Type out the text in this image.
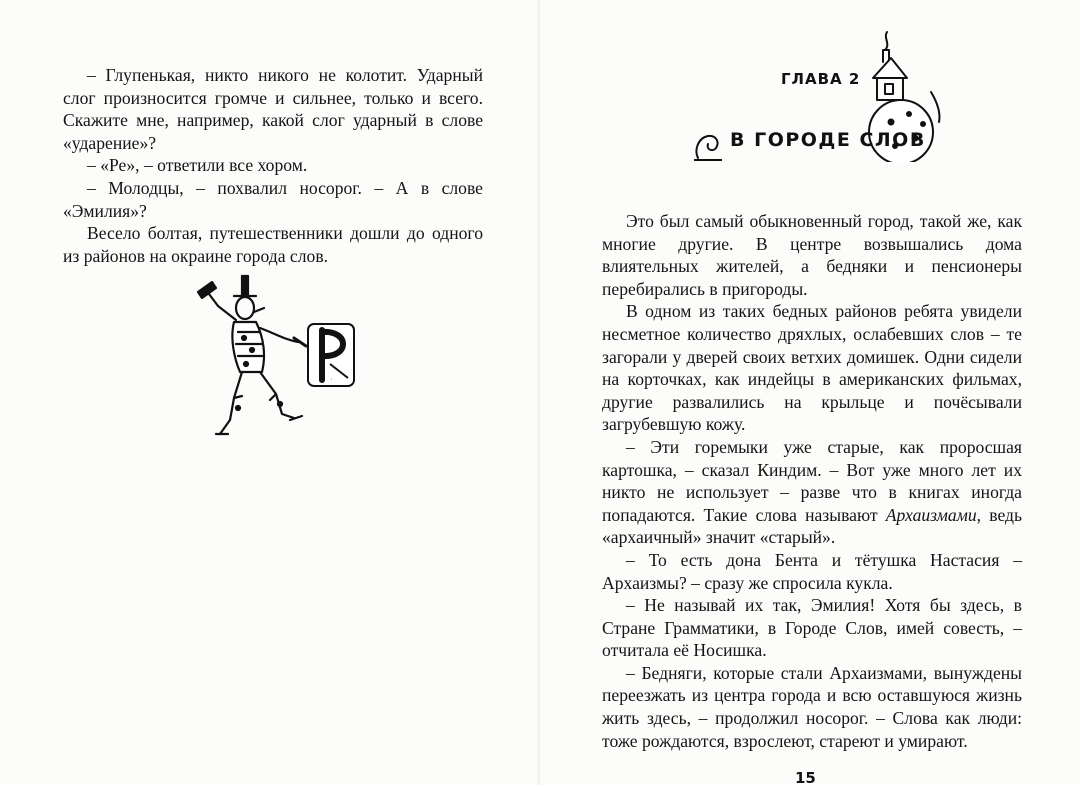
– Глупенькая, никто никого не колотит. Ударный слог произносится громче и сильнее, только и всего. Скажите мне, например, какой слог ударный в слове «ударение»?

– «Ре», – ответили все хором.

– Молодцы, – похвалил носорог. – А в слове «Эмилия»?

Весело болтая, путешественники дошли до одного из районов на окраине города слов.

Р
ГЛАВА 2
В ГОРОДЕ СЛОВ

Это был самый обыкновенный город, такой же, как многие другие. В центре возвышались дома влиятельных жителей, а бедняки и пенсионеры перебирались в пригороды.

В одном из таких бедных районов ребята увидели несметное количество дряхлых, ослабевших слов – те загорали у дверей своих ветхих домишек. Одни сидели на корточках, как индейцы в американских фильмах, другие развалились на крыльце и почёсывали загрубевшую кожу.

– Эти горемыки уже старые, как проросшая картошка, – сказал Киндим. – Вот уже много лет их никто не использует – разве что в книгах иногда попадаются. Такие слова называют Архаизмами, ведь «архаичный» значит «старый».

– То есть дона Бента и тётушка Настасия – Архаизмы? – сразу же спросила кукла.

– Не называй их так, Эмилия! Хотя бы здесь, в Стране Грамматики, в Городе Слов, имей совесть, – отчитала её Носишка.

– Бедняги, которые стали Архаизмами, вынуждены переезжать из центра города и всю оставшуюся жизнь жить здесь, – продолжил носорог. – Слова как люди: тоже рождаются, взрослеют, стареют и умирают.

15
